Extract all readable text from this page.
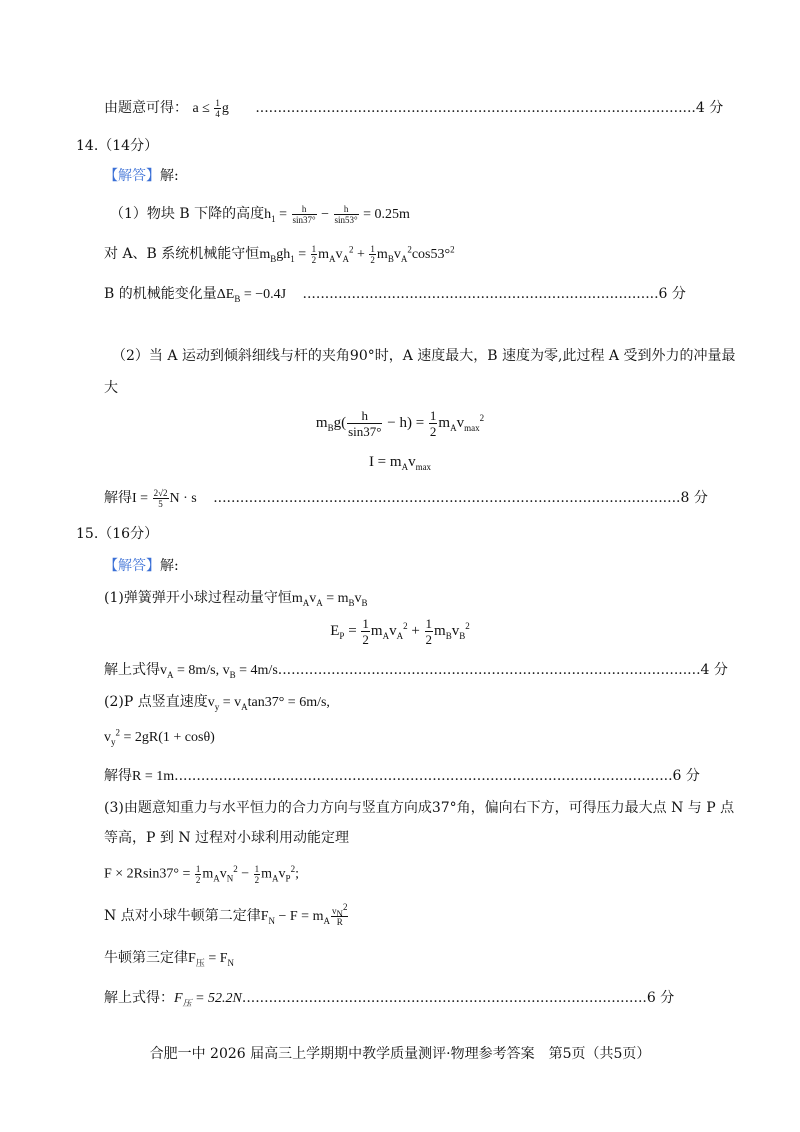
由题意可得： $a \le \frac{1}{4}$ g ...................................................................................................4 分
14.（14分）
【解答】解:
（1）物块 B 下降的高度$h_1 = \frac{h}{\sin 37^\circ} - \frac{h}{\sin 53^\circ} = 0.25m$
对 A、B 系统机械能守恒$m_Bgh_1 = \frac{1}{2} m_Av_A^2 + \frac{1}{2} m_Bv_A^2\cos 53^\circ^2$
B 的机械能变化量$\Delta E_B = -0.4J$ ................................................................................6 分
（2）当 A 运动到倾斜细线与杆的夹角90°时，A 速度最大，B 速度为零,此过程 A 受到外力的冲量最
大
$m_Bg( \frac{h}{\sin 37^\circ} - h) = \frac{1}{2} m_Av_{max}^2$
$I = m_Av_{max}$
解得$I = \frac{2√2}{5}$ N · s .........................................................................................................8 分
15.（16分）
【解答】解:
(1)弹簧弹开小球过程动量守恒$m_Av_A = m_Bv_B$
$E_P = \frac{1}{2} m_Av_A^2 + \frac{1}{2} m_Bv_B^2$
解上式得$v_A = 8m/s$, $v_B = 4m/s...............................................................................................4$ 分
(2)P 点竖直速度$v_y = v_A\tan 37^\circ = 6m/s$,
$v_y^2 = 2gR(1 + \cos\theta)$
解得R = 1m................................................................................................................6 分
(3)由题意知重力与水平恒力的合力方向与竖直方向成37°角，偏向右下方，可得压力最大点 N 与 P 点
等高，P 到 N 过程对小球利用动能定理
$F \times 2Rsin37^\circ = \frac{1}{2} m_Av_N^2 - \frac{1}{2} m_Av_P^2$;
N 点对小球牛顿第二定律$F_N - F = m_A \frac{v_N^2}{R}$
牛顿第三定律$F_压 = F_N$
解上式得：$F_压 = 52.2N...........................................................................................6$ 分
合肥一中 2026 届高三上学期期中教学质量测评·物理参考答案　第5页（共5页）
